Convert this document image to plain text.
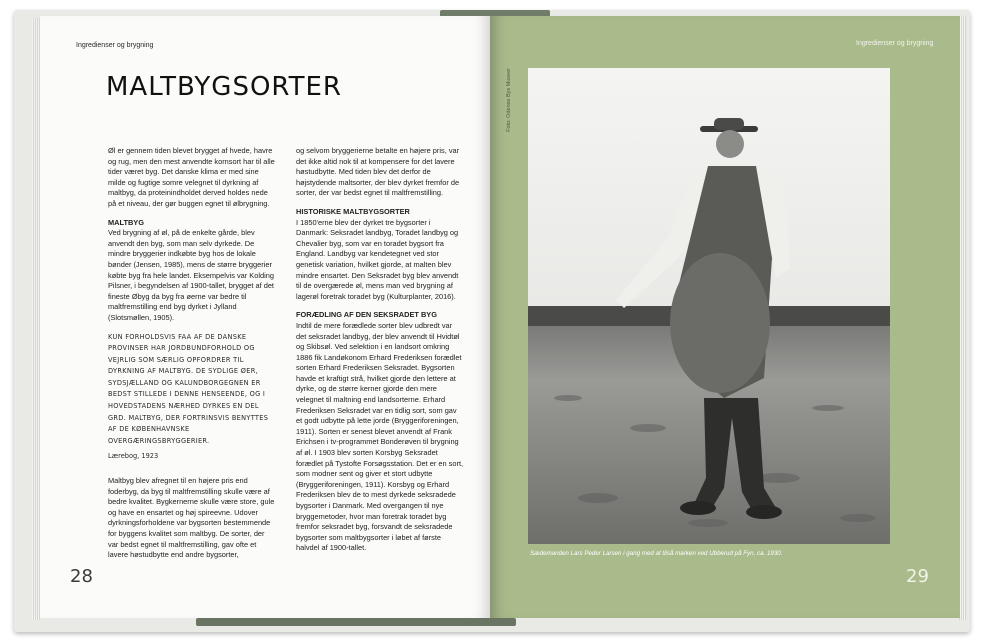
Ingredienser og brygning	Ingredienser og brygning
MALTBYGSORTER

Øl er gennem tiden blevet brygget af hvede, havre og rug, men den mest anvendte kornsort har til alle tider været byg. Det danske klima er med sine milde og fugtige somre velegnet til dyrkning af maltbyg, da proteinindholdet derved holdes nede på et niveau, der gør buggen egnet til ølbrygning.

MALTBYG

Ved brygning af øl, på de enkelte gårde, blev anvendt den byg, som man selv dyrkede. De mindre bryggerier indkøbte byg hos de lokale bønder (Jensen, 1985), mens de større bryggerier købte byg fra hele landet. Eksempelvis var Kolding Pilsner, i begyndelsen af 1900-tallet, brygget af det fineste Øbyg da byg fra øerne var bedre til maltfremstilling end byg dyrket i Jylland (Slotsmøllen, 1905).

KUN FORHOLDSVIS FAA AF DE DANSKE PROVINSER HAR JORDBUNDFORHOLD OG VEJRLIG SOM SÆRLIG OPFORDRER TIL DYRKNING AF MALTBYG. DE SYDLIGE ØER, SYDSJÆLLAND OG KALUNDBORGEGNEN ER BEDST STILLEDE I DENNE HENSEENDE, OG I HOVEDSTADENS NÆRHED DYRKES EN DEL GRD. MALTBYG, DER FORTRINSVIS BENYTTES AF DE KØBENHAVNSKE OVERGÆRINGSBRYGGERIER.

Lærebog, 1923

Maltbyg blev afregnet til en højere pris end foderbyg, da byg til maltfremstilling skulle være af bedre kvalitet. Bygkernerne skulle være store, gule og have en ensartet og høj spireevne. Udover dyrkningsforholdene var bygsorten bestemmende for byggens kvalitet som maltbyg. De sorter, der var bedst egnet til maltfremstilling, gav ofte et lavere høstudbytte end andre bygsorter,

og selvom bryggerierne betalte en højere pris, var det ikke altid nok til at kompensere for det lavere høstudbytte. Med tiden blev det derfor de højstydende maltsorter, der blev dyrket fremfor de sorter, der var bedst egnet til maltfremstilling.

HISTORISKE MALTBYGSORTER

I 1850'erne blev der dyrket tre bygsorter i Danmark: Seksradet landbyg, Toradet landbyg og Chevalier byg, som var en toradet bygsort fra England. Landbyg var kendetegnet ved stor genetisk variation, hvilket gjorde, at malten blev mindre ensartet. Den Seksradet byg blev anvendt til de overgærede øl, mens man ved brygning af lagerøl foretrak toradet byg (Kulturplanter, 2016).

FORÆDLING AF DEN SEKSRADET BYG

Indtil de mere forædlede sorter blev udbredt var det seksradet landbyg, der blev anvendt til Hvidtøl og Skibsøl. Ved selektion i en landsort omkring 1886 fik Landøkonom Erhard Frederiksen forædlet sorten Erhard Frederiksen Seksradet. Bygsorten havde et kraftigt strå, hvilket gjorde den lettere at dyrke, og de større kerner gjorde den mere velegnet til maltning end landsorterne. Erhard Frederiksen Seksradet var en tidlig sort, som gav et godt udbytte på lette jorde (Bryggeriforeningen, 1911). Sorten er senest blevet anvendt af Frank Erichsen i tv-programmet Bonderøven til brygning af øl. I 1903 blev sorten Korsbyg Seksradet forædlet på Tystofte Forsøgsstation. Det er en sort, som modner sent og giver et stort udbytte (Bryggeriforeningen, 1911). Korsbyg og Erhard Frederiksen blev de to mest dyrkede seksradede bygsorter i Danmark. Med overgangen til nye bryggemetoder, hvor man foretrak toradet byg fremfor seksradet byg, forsvandt de seksradede bygsorter som maltbygsorter i løbet af første halvdel af 1900-tallet.

28	29
Foto: Odense Bys Museer
Sædemanden Lars Peder Larsen i gang med at tilså marken ved Ubberud på Fyn, ca. 1930.
